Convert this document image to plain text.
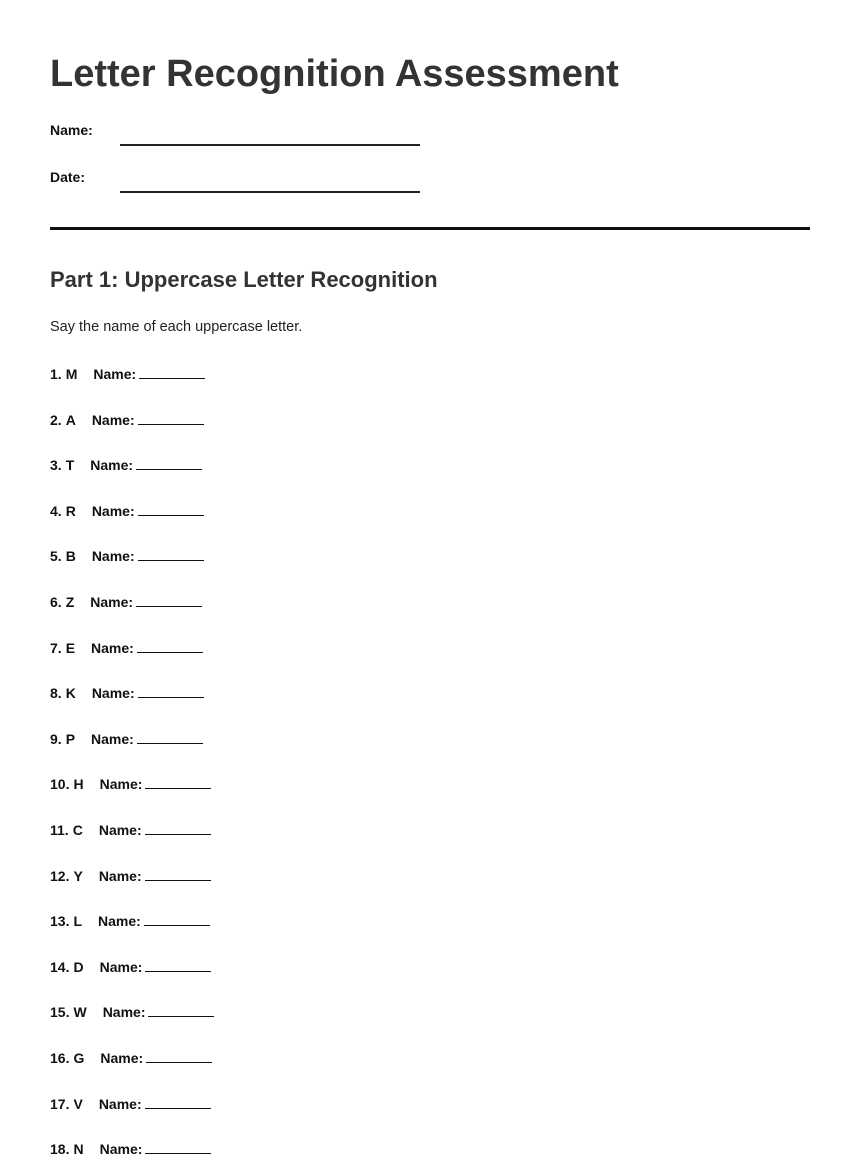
Letter Recognition Assessment
Name:
Date:
Part 1: Uppercase Letter Recognition
Say the name of each uppercase letter.
1. M Name:
2. A Name:
3. T Name:
4. R Name:
5. B Name:
6. Z Name:
7. E Name:
8. K Name:
9. P Name:
10. H Name:
11. C Name:
12. Y Name:
13. L Name:
14. D Name:
15. W Name:
16. G Name:
17. V Name:
18. N Name:
